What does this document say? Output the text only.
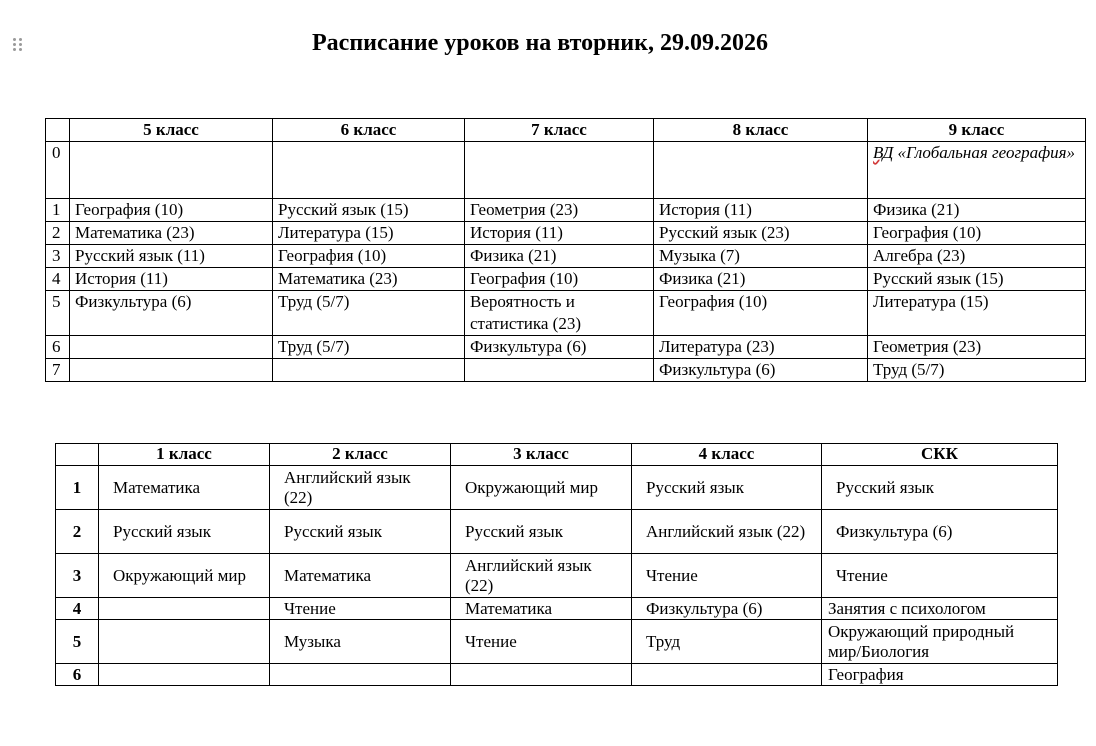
Расписание уроков на вторник, 29.09.2026
	5 класс	6 класс	7 класс	8 класс	9 класс
0					ВД «Глобальная география»
1	География (10)	Русский язык (15)	Геометрия (23)	История (11)	Физика (21)
2	Математика (23)	Литература (15)	История (11)	Русский язык (23)	География (10)
3	Русский язык (11)	География (10)	Физика (21)	Музыка (7)	Алгебра (23)
4	История (11)	Математика (23)	География (10)	Физика (21)	Русский язык (15)
5	Физкультура (6)	Труд (5/7)	Вероятность и статистика (23)	География (10)	Литература (15)
6		Труд (5/7)	Физкультура (6)	Литература (23)	Геометрия (23)
7				Физкультура (6)	Труд (5/7)
	1 класс	2 класс	3 класс	4 класс	СКК
1	Математика	Английский язык (22)	Окружающий мир	Русский язык	Русский язык
2	Русский язык	Русский язык	Русский язык	Английский язык (22)	Физкультура (6)
3	Окружающий мир	Математика	Английский язык (22)	Чтение	Чтение
4		Чтение	Математика	Физкультура (6)	Занятия с психологом
5		Музыка	Чтение	Труд	Окружающий природный мир/Биология
6					География
